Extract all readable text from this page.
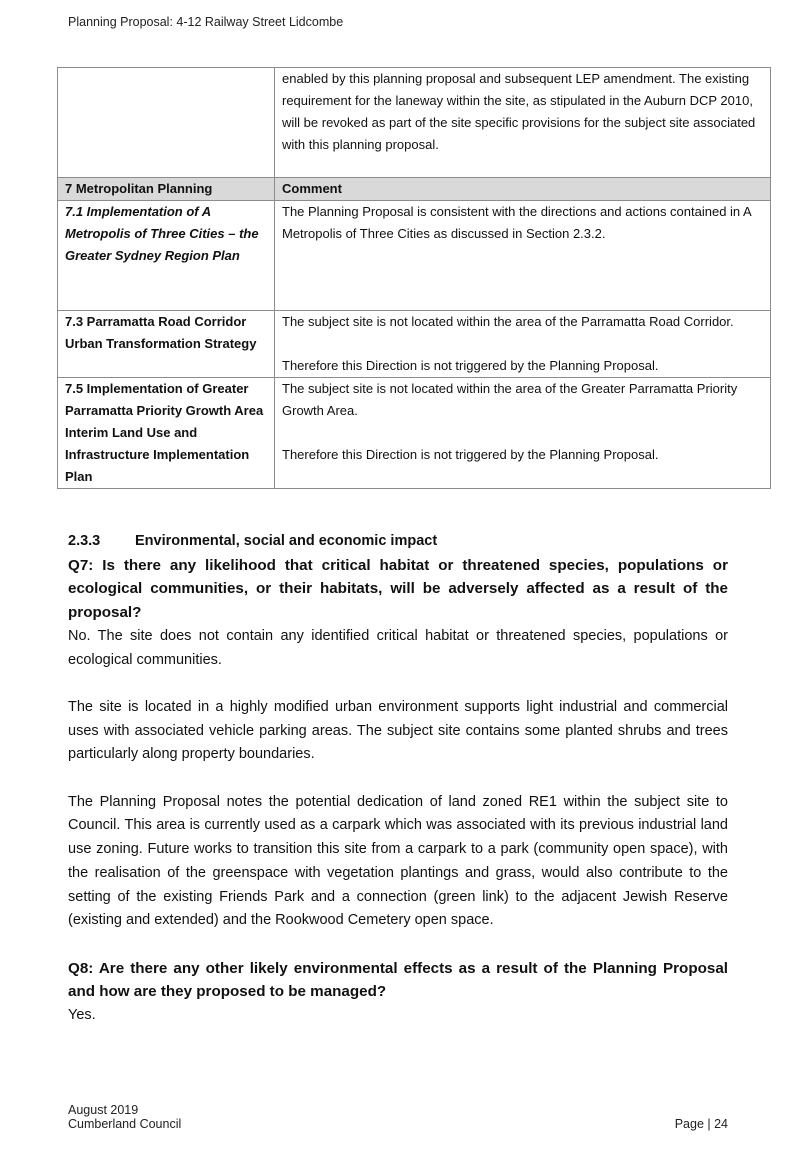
Planning Proposal: 4-12 Railway Street Lidcombe

	enabled by this planning proposal and subsequent LEP amendment. The existing requirement for the laneway within the site, as stipulated in the Auburn DCP 2010, will be revoked as part of the site specific provisions for the subject site associated with this planning proposal.

7 Metropolitan Planning	Comment
7.1 Implementation of A Metropolis of Three Cities – the Greater Sydney Region Plan	The Planning Proposal is consistent with the directions and actions contained in A Metropolis of Three Cities as discussed in Section 2.3.2.

7.3 Parramatta Road Corridor Urban Transformation Strategy	The subject site is not located within the area of the Parramatta Road Corridor.

Therefore this Direction is not triggered by the Planning Proposal.

7.5 Implementation of Greater Parramatta Priority Growth Area Interim Land Use and Infrastructure Implementation Plan	The subject site is not located within the area of the Greater Parramatta Priority Growth Area.

Therefore this Direction is not triggered by the Planning Proposal.

2.3.3 Environmental, social and economic impact
Q7: Is there any likelihood that critical habitat or threatened species, populations or ecological communities, or their habitats, will be adversely affected as a result of the proposal?

No. The site does not contain any identified critical habitat or threatened species, populations or ecological communities.

The site is located in a highly modified urban environment supports light industrial and commercial uses with associated vehicle parking areas. The subject site contains some planted shrubs and trees particularly along property boundaries.

The Planning Proposal notes the potential dedication of land zoned RE1 within the subject site to Council. This area is currently used as a carpark which was associated with its previous industrial land use zoning. Future works to transition this site from a carpark to a park (community open space), with the realisation of the greenspace with vegetation plantings and grass, would also contribute to the setting of the existing Friends Park and a connection (green link) to the adjacent Jewish Reserve (existing and extended) and the Rookwood Cemetery open space.

Q8: Are there any other likely environmental effects as a result of the Planning Proposal and how are they proposed to be managed?

Yes.

August 2019
Cumberland Council	Page | 24
